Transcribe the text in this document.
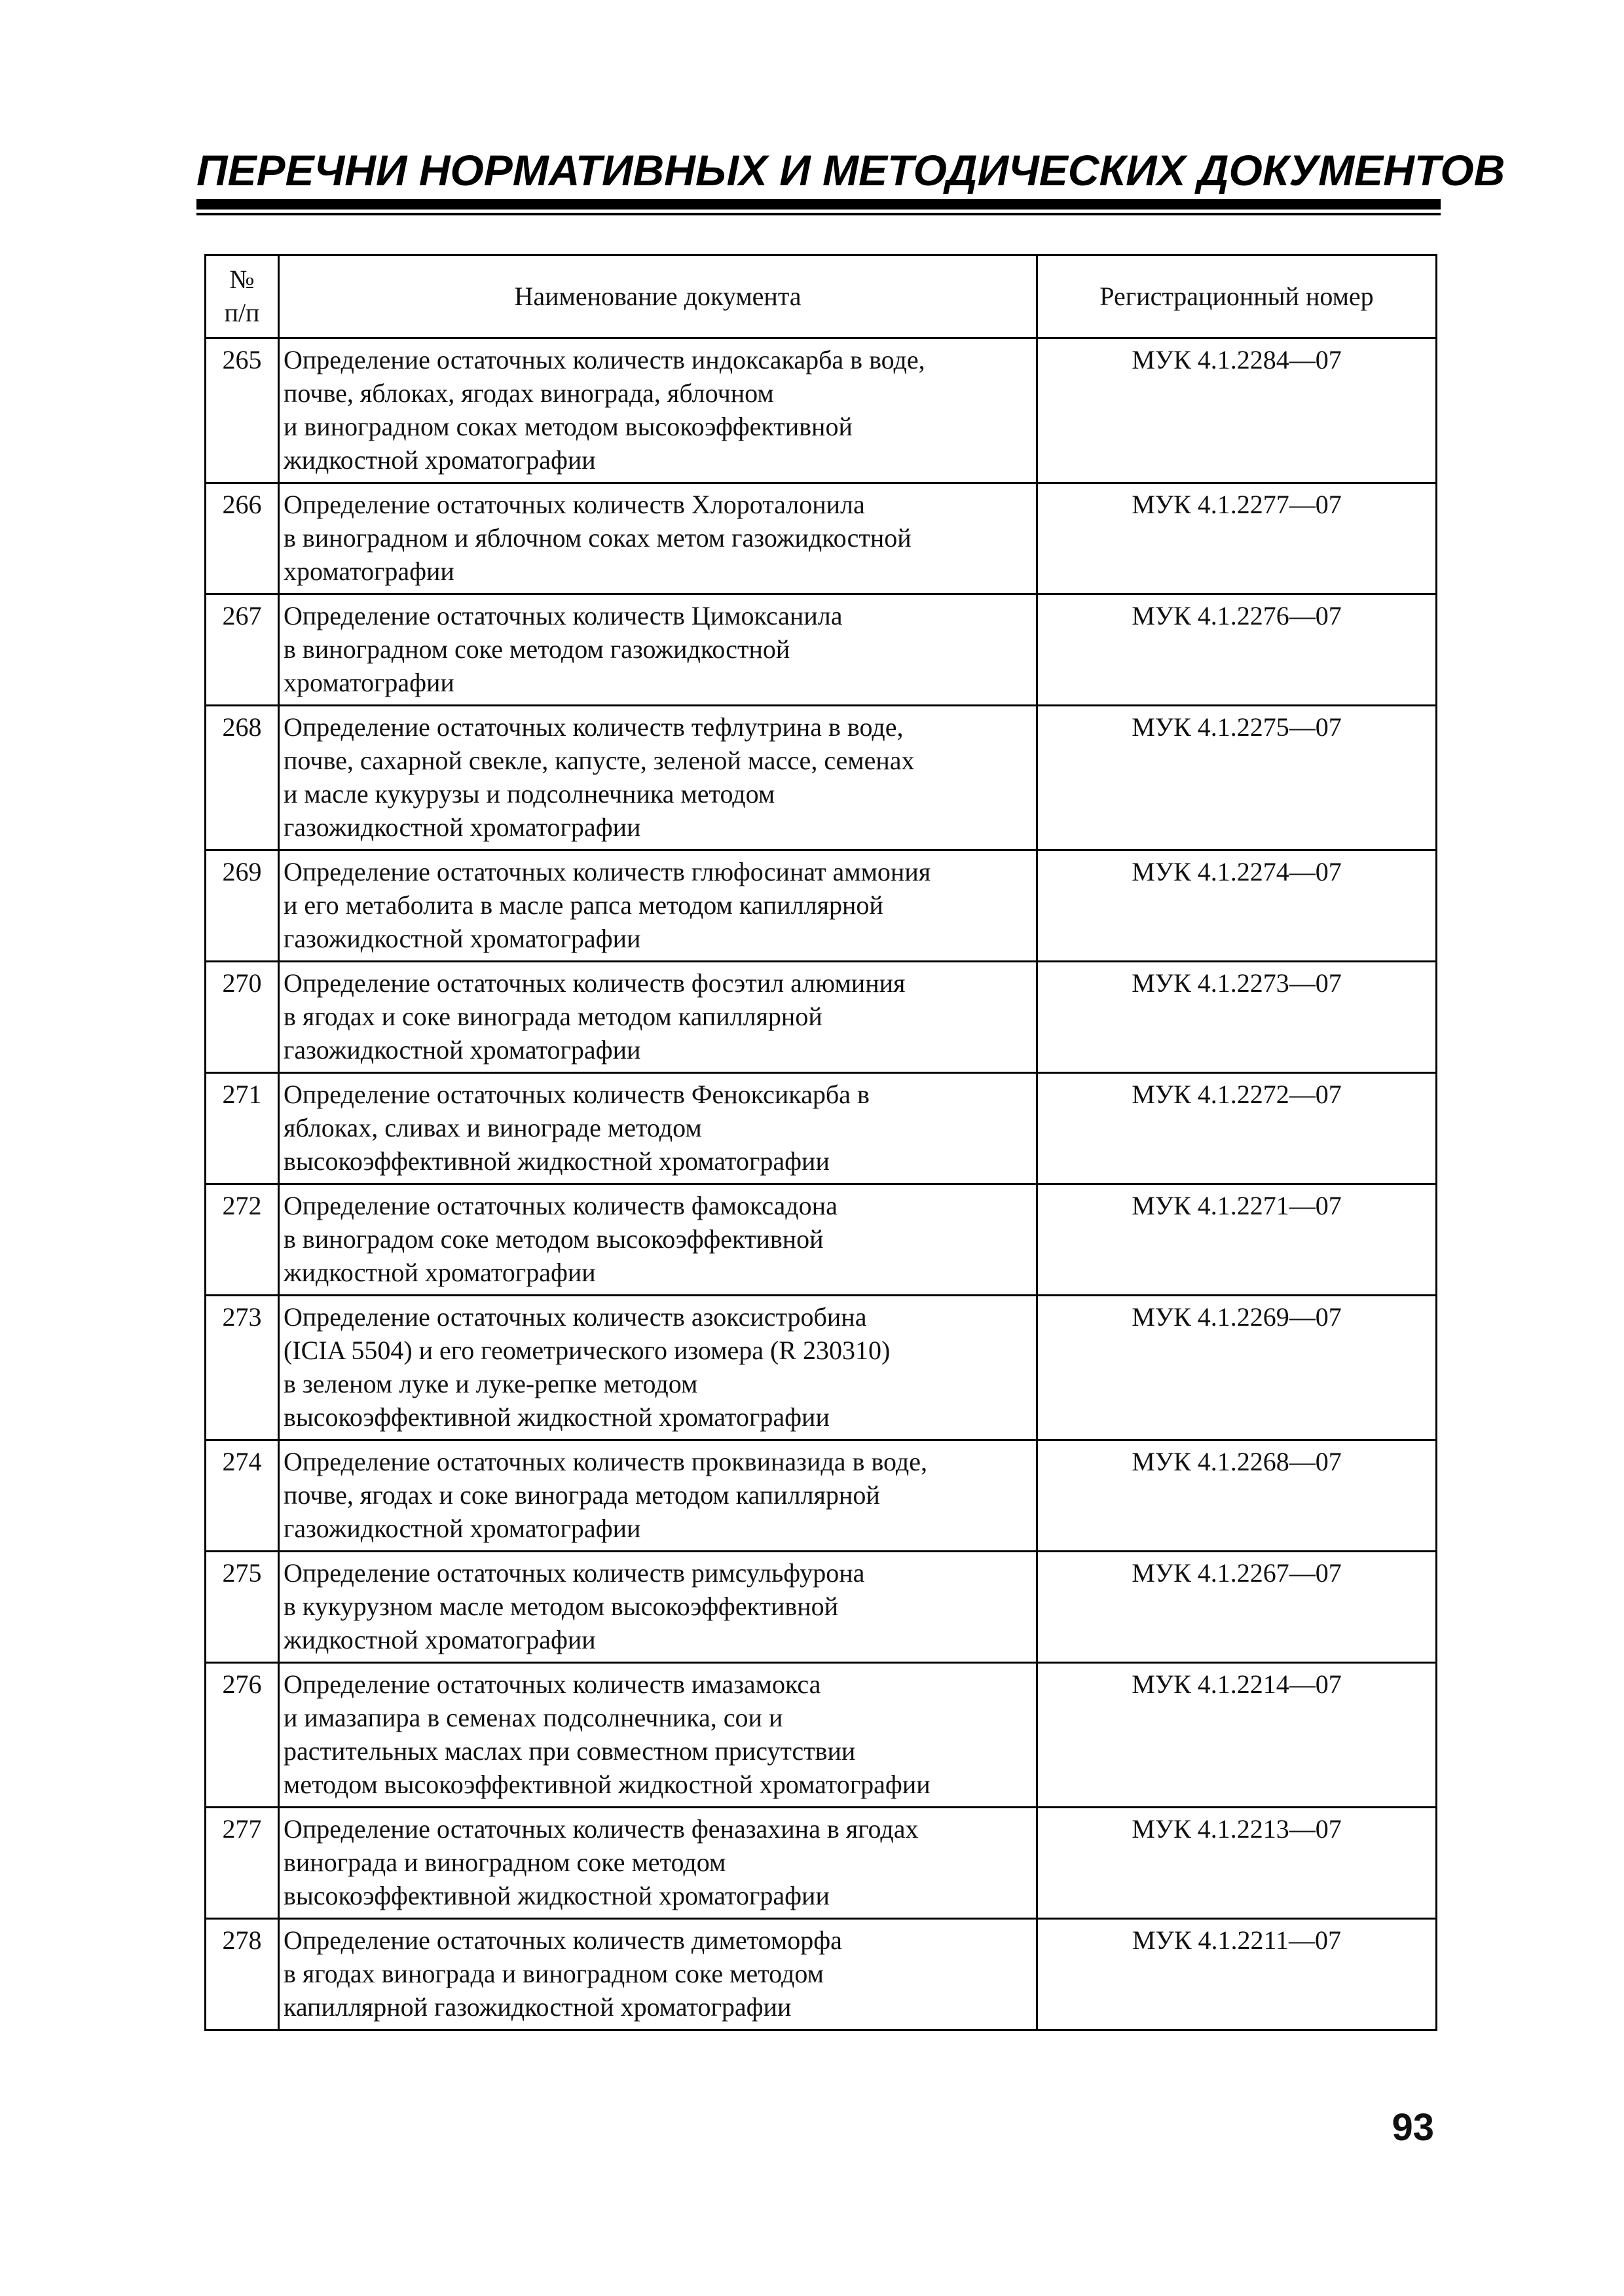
ПЕРЕЧНИ НОРМАТИВНЫХ И МЕТОДИЧЕСКИХ ДОКУМЕНТОВ
№
п/п	Наименование документа	Регистрационный номер
265	Определение остаточных количеств индоксакарба в воде,
почве, яблоках, ягодах винограда, яблочном
и виноградном соках методом высокоэффективной
жидкостной хроматографии	МУК 4.1.2284—07
266	Определение остаточных количеств Хлороталонила
в виноградном и яблочном соках метом газожидкостной
хроматографии	МУК 4.1.2277—07
267	Определение остаточных количеств Цимоксанила
в виноградном соке методом газожидкостной
хроматографии	МУК 4.1.2276—07
268	Определение остаточных количеств тефлутрина в воде,
почве, сахарной свекле, капусте, зеленой массе, семенах
и масле кукурузы и подсолнечника методом
газожидкостной хроматографии	МУК 4.1.2275—07
269	Определение остаточных количеств глюфосинат аммония
и его метаболита в масле рапса методом капиллярной
газожидкостной хроматографии	МУК 4.1.2274—07
270	Определение остаточных количеств фосэтил алюминия
в ягодах и соке винограда методом капиллярной
газожидкостной хроматографии	МУК 4.1.2273—07
271	Определение остаточных количеств Феноксикарба в
яблоках, сливах и винограде методом
высокоэффективной жидкостной хроматографии	МУК 4.1.2272—07
272	Определение остаточных количеств фамоксадона
в виноградом соке методом высокоэффективной
жидкостной хроматографии	МУК 4.1.2271—07
273	Определение остаточных количеств азоксистробина
(ICIA 5504) и его геометрического изомера (R 230310)
в зеленом луке и луке-репке методом
высокоэффективной жидкостной хроматографии	МУК 4.1.2269—07
274	Определение остаточных количеств проквиназида в воде,
почве, ягодах и соке винограда методом капиллярной
газожидкостной хроматографии	МУК 4.1.2268—07
275	Определение остаточных количеств римсульфурона
в кукурузном масле методом высокоэффективной
жидкостной хроматографии	МУК 4.1.2267—07
276	Определение остаточных количеств имазамокса
и имазапира в семенах подсолнечника, сои и
растительных маслах при совместном присутствии
методом высокоэффективной жидкостной хроматографии	МУК 4.1.2214—07
277	Определение остаточных количеств феназахина в ягодах
винограда и виноградном соке методом
высокоэффективной жидкостной хроматографии	МУК 4.1.2213—07
278	Определение остаточных количеств диметоморфа
в ягодах винограда и виноградном соке методом
капиллярной газожидкостной хроматографии	МУК 4.1.2211—07
93
